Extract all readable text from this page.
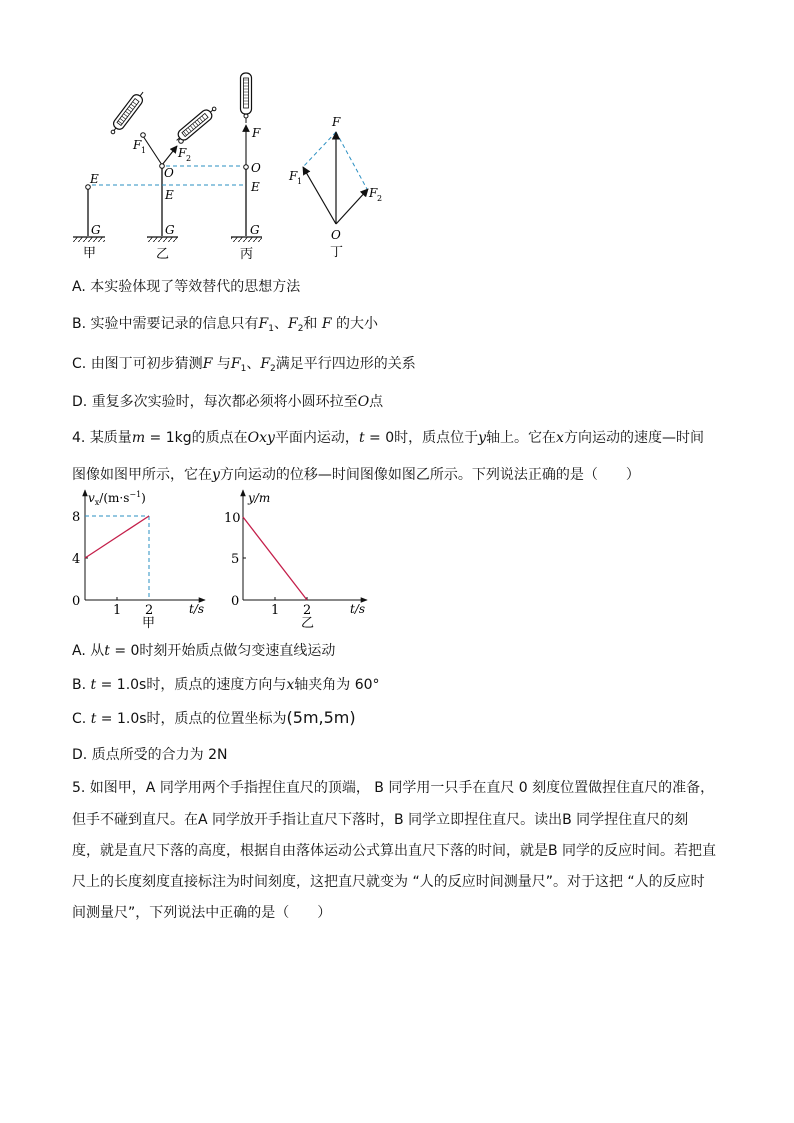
E
G
F 1	F 2
O
E
G
F
O
E
G
F
F 1
F 2
O
甲	乙	丙	丁
A. 本实验体现了等效替代的思想方法
B. 实验中需要记录的信息只有$F_1$、$F_2$和 F 的大小
C. 由图丁可初步猜测F 与$F_1$、$F_2$满足平行四边形的关系
D. 重复多次实验时，每次都必须将小圆环拉至O点
4. 某质量m = 1kg的质点在Oxy平面内运动，t = 0时，质点位于y轴上。它在x方向运动的速度—时间
图像如图甲所示，它在y方向运动的位移—时间图像如图乙所示。下列说法正确的是（　　）
$v_x/(m\cdot s^{-1})$
t/s
8
4
0
1 2
甲
y/m
t/s
10
5
0
1 2
乙
A. 从t = 0时刻开始质点做匀变速直线运动
B. t = 1.0s时，质点的速度方向与x轴夹角为 60°
C. t = 1.0s时，质点的位置坐标为(5m,5m)
D. 质点所受的合力为 2N
5. 如图甲，A 同学用两个手指捏住直尺的顶端， B 同学用一只手在直尺 0 刻度位置做捏住直尺的准备，
但手不碰到直尺。在A 同学放开手指让直尺下落时，B 同学立即捏住直尺。读出B 同学捏住直尺的刻
度，就是直尺下落的高度，根据自由落体运动公式算出直尺下落的时间，就是B 同学的反应时间。若把直
尺上的长度刻度直接标注为时间刻度，这把直尺就变为 “人的反应时间测量尺”。对于这把 “人的反应时
间测量尺”，下列说法中正确的是（　　）
